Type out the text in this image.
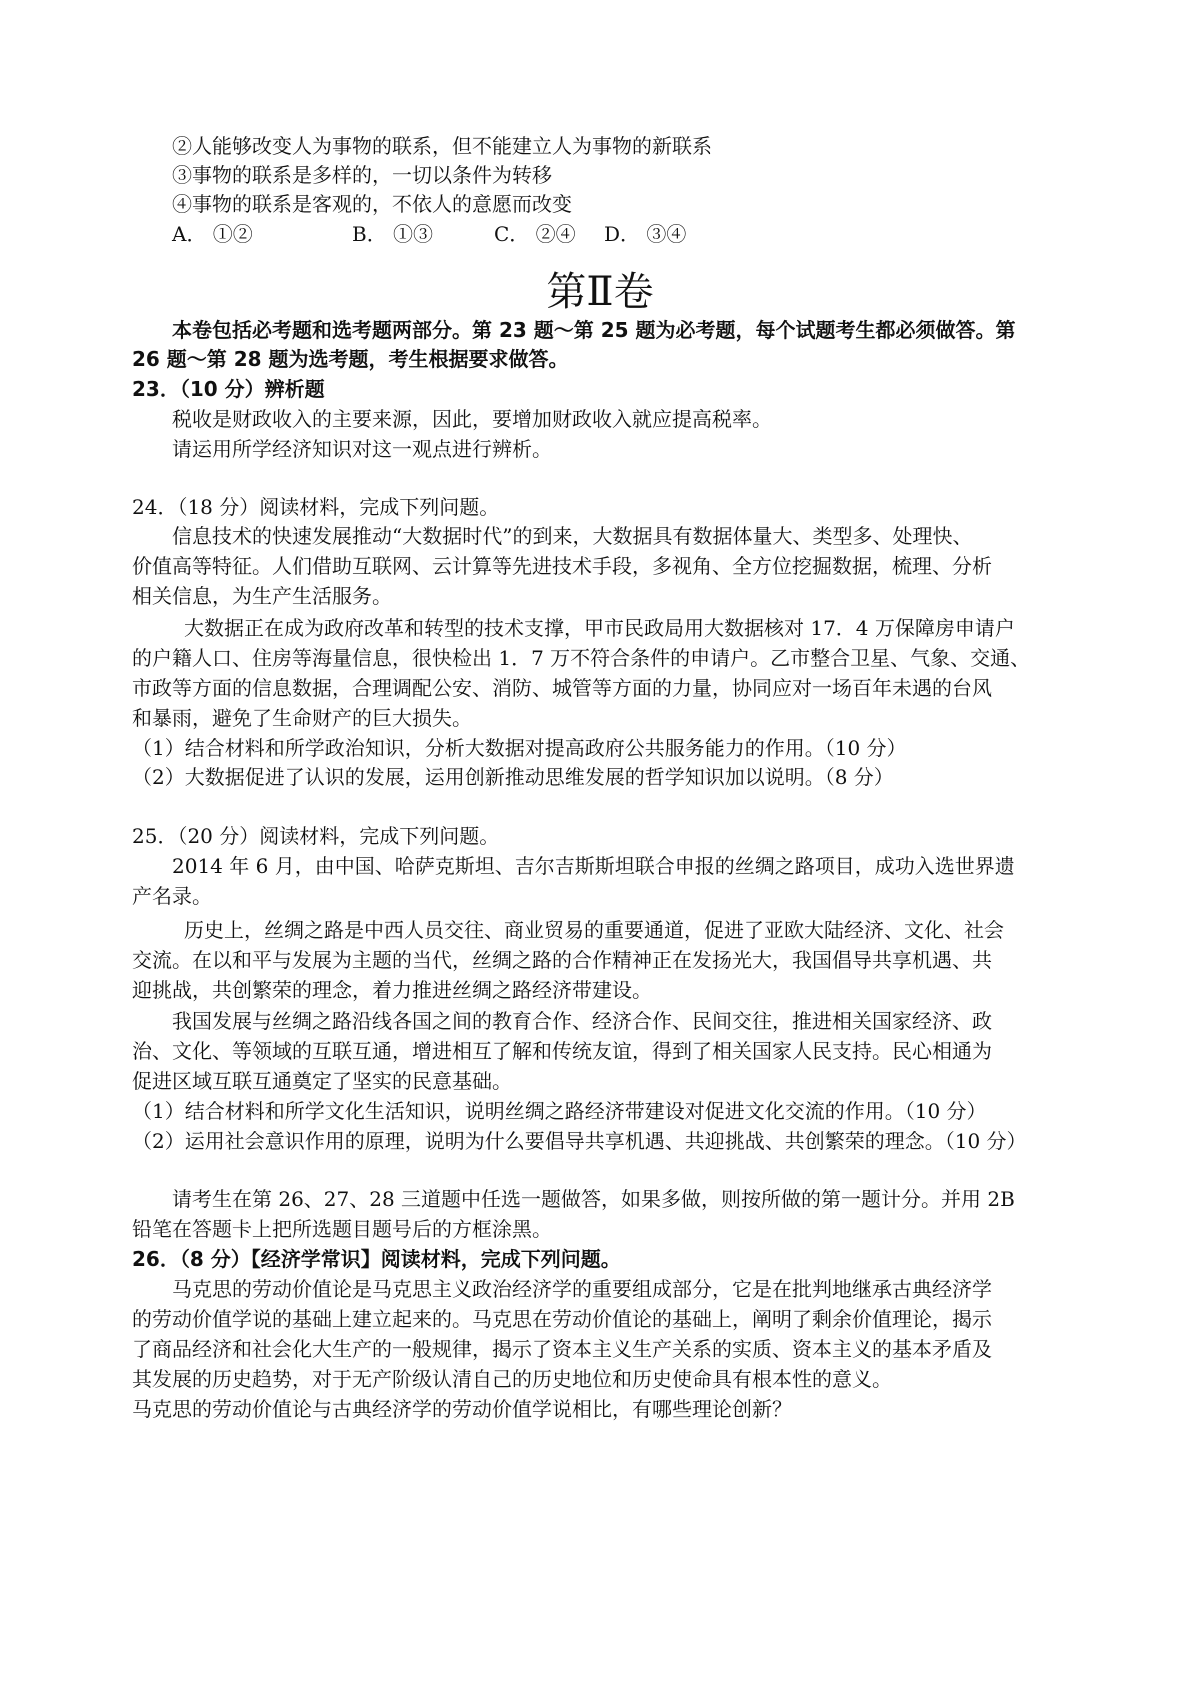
②人能够改变人为事物的联系，但不能建立人为事物的新联系
③事物的联系是多样的，一切以条件为转移
④事物的联系是客观的，不依人的意愿而改变
A． ①②	B． ①③	C． ②④ D． ③④
第Ⅱ卷
本卷包括必考题和选考题两部分。第 23 题～第 25 题为必考题，每个试题考生都必须做答。第
26 题～第 28 题为选考题，考生根据要求做答。
23．（10 分）辨析题
税收是财政收入的主要来源，因此，要增加财政收入就应提高税率。
请运用所学经济知识对这一观点进行辨析。
24．（18 分）阅读材料，完成下列问题。
信息技术的快速发展推动“大数据时代”的到来，大数据具有数据体量大、类型多、处理快、
价值高等特征。人们借助互联网、云计算等先进技术手段，多视角、全方位挖掘数据，梳理、分析
相关信息，为生产生活服务。
大数据正在成为政府改革和转型的技术支撑，甲市民政局用大数据核对 17．4 万保障房申请户
的户籍人口、住房等海量信息，很快检出 1．7 万不符合条件的申请户。乙市整合卫星、气象、交通、
市政等方面的信息数据，合理调配公安、消防、城管等方面的力量，协同应对一场百年未遇的台风
和暴雨，避免了生命财产的巨大损失。
（1）结合材料和所学政治知识，分析大数据对提高政府公共服务能力的作用。（10 分）
（2）大数据促进了认识的发展，运用创新推动思维发展的哲学知识加以说明。（8 分）
25．（20 分）阅读材料，完成下列问题。
2014 年 6 月，由中国、哈萨克斯坦、吉尔吉斯斯坦联合申报的丝绸之路项目，成功入选世界遗
产名录。
历史上，丝绸之路是中西人员交往、商业贸易的重要通道，促进了亚欧大陆经济、文化、社会
交流。在以和平与发展为主题的当代，丝绸之路的合作精神正在发扬光大，我国倡导共享机遇、共
迎挑战，共创繁荣的理念，着力推进丝绸之路经济带建设。
我国发展与丝绸之路沿线各国之间的教育合作、经济合作、民间交往，推进相关国家经济、政
治、文化、等领域的互联互通，增进相互了解和传统友谊，得到了相关国家人民支持。民心相通为
促进区域互联互通奠定了坚实的民意基础。
（1）结合材料和所学文化生活知识，说明丝绸之路经济带建设对促进文化交流的作用。（10 分）
（2）运用社会意识作用的原理，说明为什么要倡导共享机遇、共迎挑战、共创繁荣的理念。（10 分）
请考生在第 26、27、28 三道题中任选一题做答，如果多做，则按所做的第一题计分。并用 2B
铅笔在答题卡上把所选题目题号后的方框涂黑。
26．（8 分）【经济学常识】阅读材料，完成下列问题。
马克思的劳动价值论是马克思主义政治经济学的重要组成部分，它是在批判地继承古典经济学
的劳动价值学说的基础上建立起来的。马克思在劳动价值论的基础上，阐明了剩余价值理论，揭示
了商品经济和社会化大生产的一般规律，揭示了资本主义生产关系的实质、资本主义的基本矛盾及
其发展的历史趋势，对于无产阶级认清自己的历史地位和历史使命具有根本性的意义。
马克思的劳动价值论与古典经济学的劳动价值学说相比，有哪些理论创新？
